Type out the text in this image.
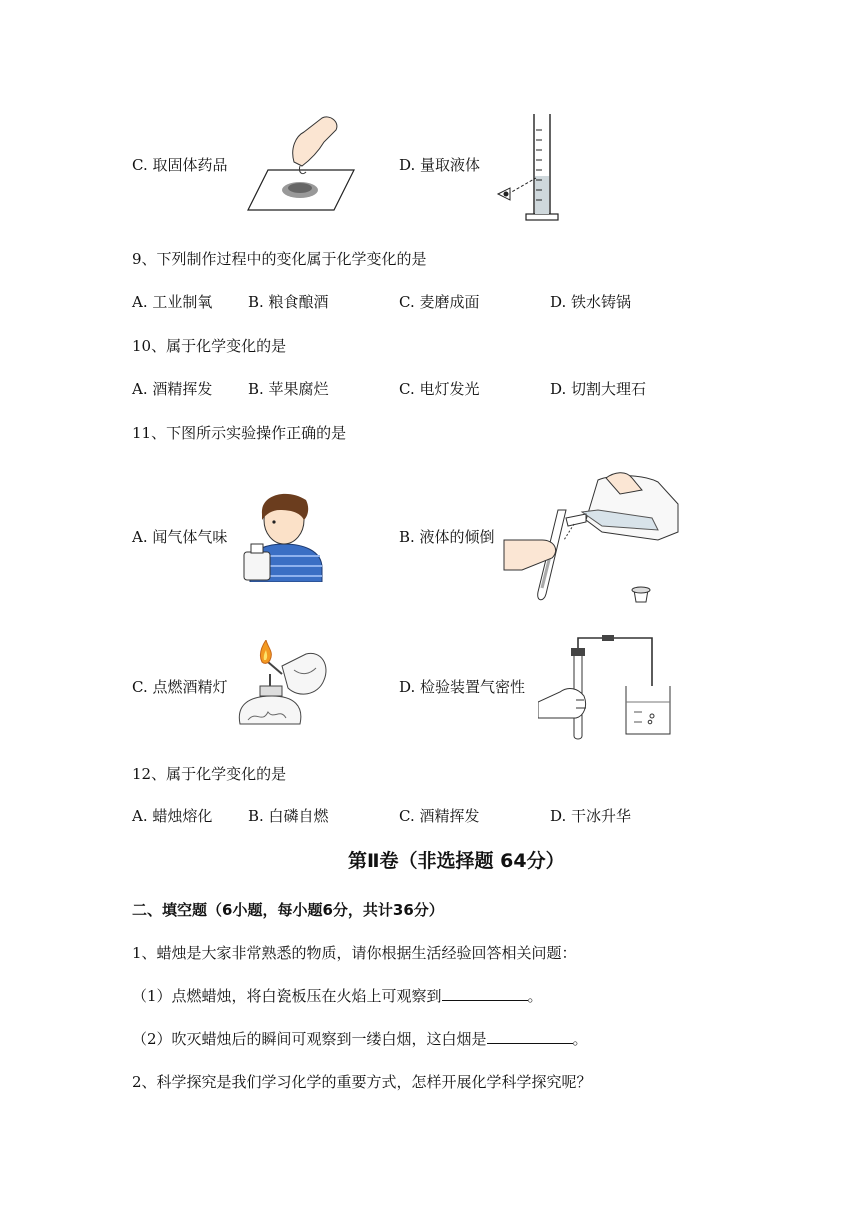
C. 取固体药品	D. 量取液体
9、下列制作过程中的变化属于化学变化的是
A. 工业制氧 B. 粮食酿酒	C. 麦磨成面	D. 铁水铸锅
10、属于化学变化的是
A. 酒精挥发 B. 苹果腐烂	C. 电灯发光	D. 切割大理石
11、下图所示实验操作正确的是
A. 闻气体气味	B. 液体的倾倒
C. 点燃酒精灯	D. 检验装置气密性
12、属于化学变化的是
A. 蜡烛熔化 B. 白磷自燃	C. 酒精挥发	D. 干冰升华
第Ⅱ卷（非选择题 64分）
二、填空题（6小题，每小题6分，共计36分）
1、蜡烛是大家非常熟悉的物质，请你根据生活经验回答相关问题：
（1）点燃蜡烛，将白瓷板压在火焰上可观察到	。
（2）吹灭蜡烛后的瞬间可观察到一缕白烟，这白烟是	。
2、科学探究是我们学习化学的重要方式，怎样开展化学科学探究呢？
